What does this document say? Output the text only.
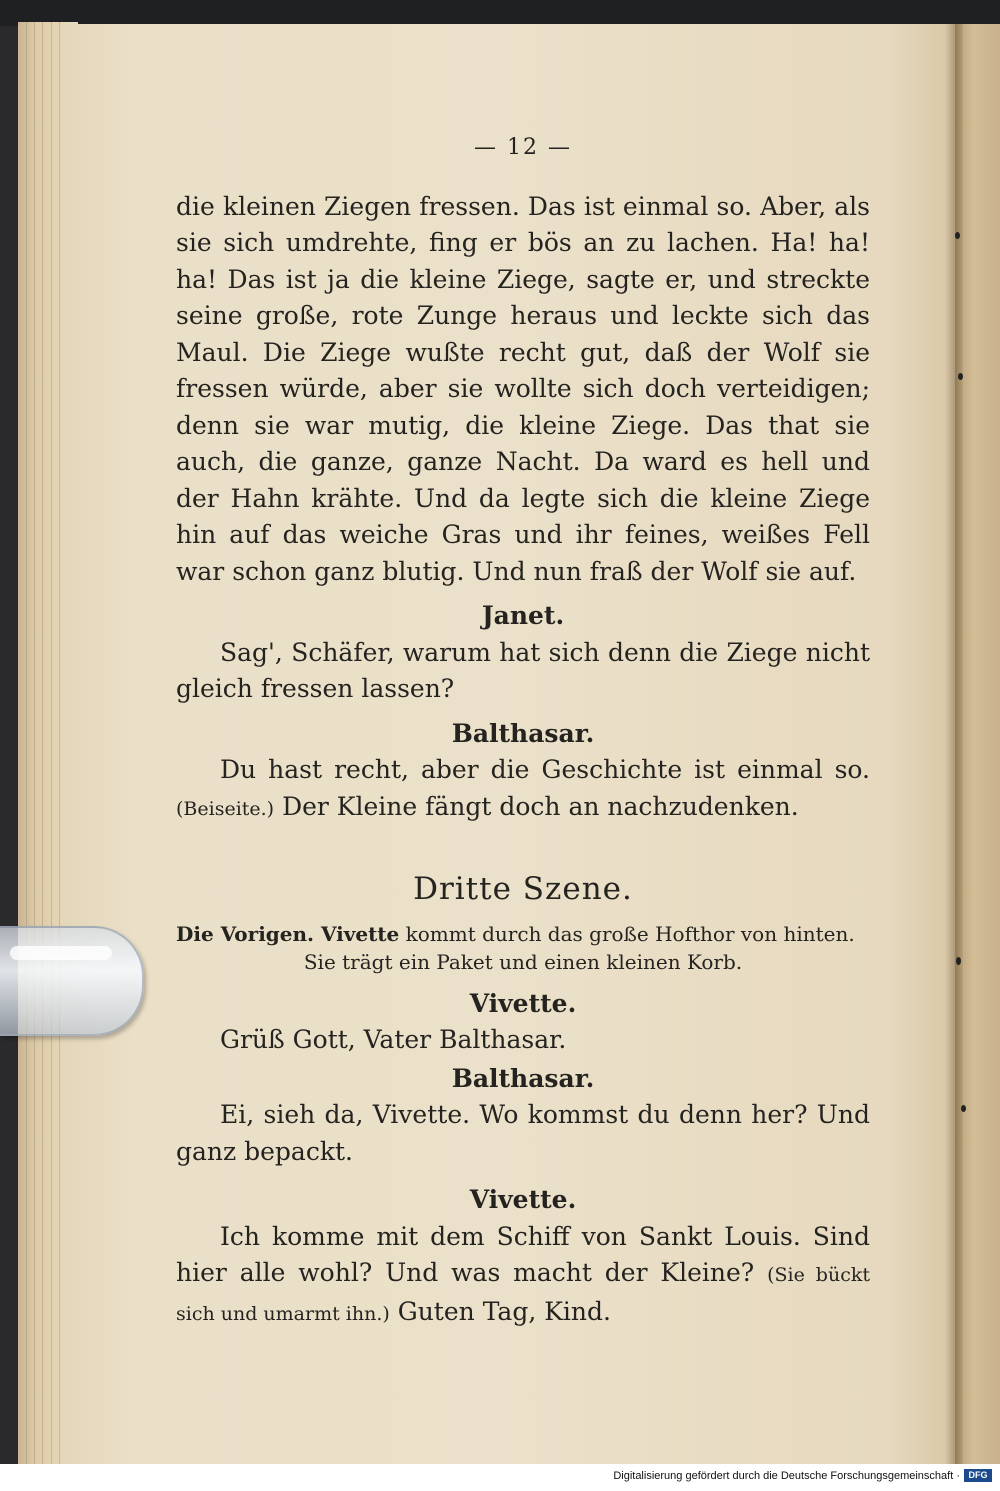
— 12 —

die kleinen Ziegen fressen. Das ist einmal so. Aber, als sie sich umdrehte, fing er bös an zu lachen. Ha! ha! ha! Das ist ja die kleine Ziege, sagte er, und streckte seine große, rote Zunge heraus und leckte sich das Maul. Die Ziege wußte recht gut, daß der Wolf sie fressen würde, aber sie wollte sich doch verteidigen; denn sie war mutig, die kleine Ziege. Das that sie auch, die ganze, ganze Nacht. Da ward es hell und der Hahn krähte. Und da legte sich die kleine Ziege hin auf das weiche Gras und ihr feines, weißes Fell war schon ganz blutig. Und nun fraß der Wolf sie auf.

Janet.

Sag', Schäfer, warum hat sich denn die Ziege nicht gleich fressen lassen?

Balthasar.

Du hast recht, aber die Geschichte ist einmal so. (Beiseite.) Der Kleine fängt doch an nachzudenken.

Dritte Szene.
Die Vorigen. Vivette kommt durch das große Hofthor von hinten.
Sie trägt ein Paket und einen kleinen Korb.
Vivette.

Grüß Gott, Vater Balthasar.

Balthasar.

Ei, sieh da, Vivette. Wo kommst du denn her? Und ganz bepackt.

Vivette.

Ich komme mit dem Schiff von Sankt Louis. Sind hier alle wohl? Und was macht der Kleine? (Sie bückt sich und umarmt ihn.) Guten Tag, Kind.

Digitalisierung gefördert durch die Deutsche Forschungsgemeinschaft · DFG
